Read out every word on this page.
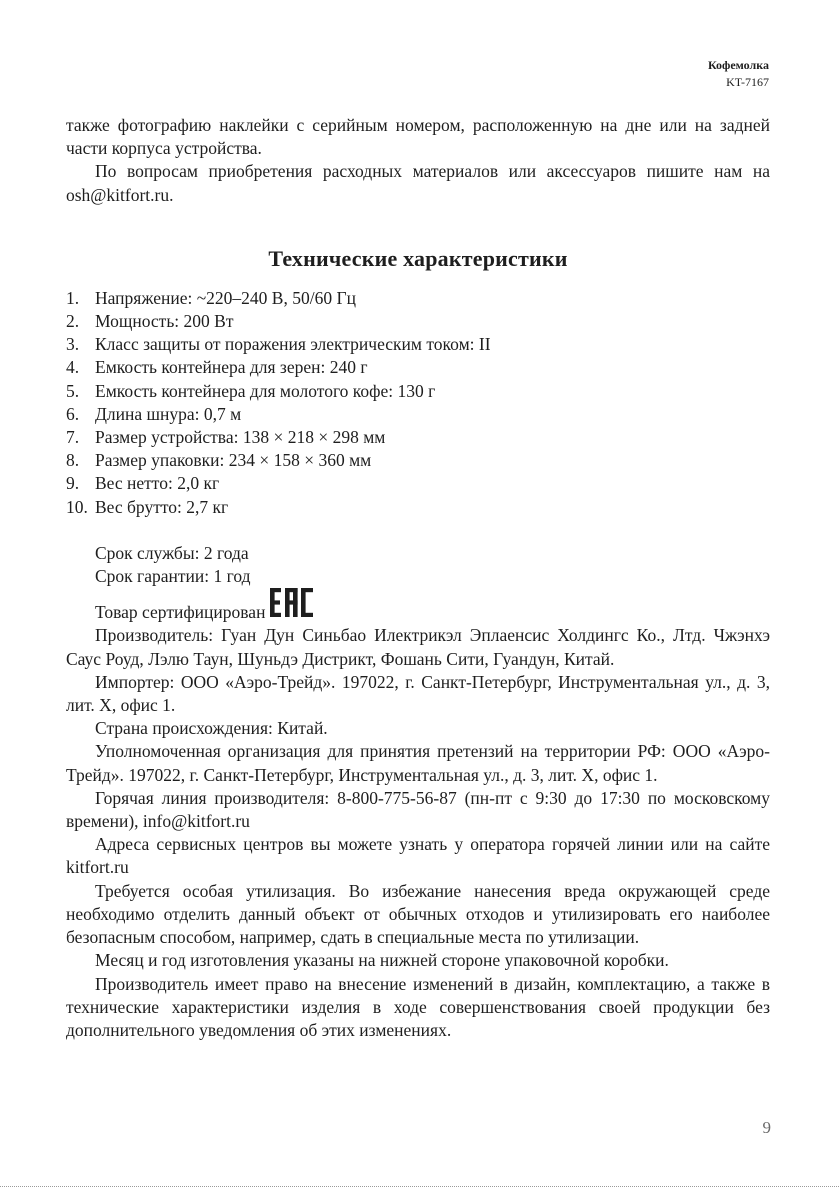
Кофемолка
KT-7167

также фотографию наклейки с серийным номером, расположенную на дне или на задней части корпуса устройства.

По вопросам приобретения расходных материалов или аксессуаров пишите нам на osh@kitfort.ru.

Технические характеристики
1. Напряжение: ~220–240 В, 50/60 Гц
2. Мощность: 200 Вт
3. Класс защиты от поражения электрическим током: II
4. Емкость контейнера для зерен: 240 г
5. Емкость контейнера для молотого кофе: 130 г
6. Длина шнура: 0,7 м
7. Размер устройства: 138 × 218 × 298 мм
8. Размер упаковки: 234 × 158 × 360 мм
9. Вес нетто: 2,0 кг
10. Вес брутто: 2,7 кг
Срок службы: 2 года
Срок гарантии: 1 год
Товар сертифицирован

Производитель: Гуан Дун Синьбао Илектрикэл Эплаенсис Холдингс Ко., Лтд. Чжэнхэ Саус Роуд, Лэлю Таун, Шуньдэ Дистрикт, Фошань Сити, Гуандун, Китай.

Импортер: ООО «Аэро-Трейд». 197022, г. Санкт-Петербург, Инструментальная ул., д. 3, лит. Х, офис 1.

Страна происхождения: Китай.

Уполномоченная организация для принятия претензий на территории РФ: ООО «Аэро-Трейд». 197022, г. Санкт-Петербург, Инструментальная ул., д. 3, лит. Х, офис 1.

Горячая линия производителя: 8-800-775-56-87 (пн-пт с 9:30 до 17:30 по московскому времени), info@kitfort.ru

Адреса сервисных центров вы можете узнать у оператора горячей линии или на сайте kitfort.ru

Требуется особая утилизация. Во избежание нанесения вреда окружающей среде необходимо отделить данный объект от обычных отходов и утилизировать его наиболее безопасным способом, например, сдать в специальные места по утилизации.

Месяц и год изготовления указаны на нижней стороне упаковочной коробки.

Производитель имеет право на внесение изменений в дизайн, комплектацию, а также в технические характеристики изделия в ходе совершенствования своей продукции без дополнительного уведомления об этих изменениях.

9
